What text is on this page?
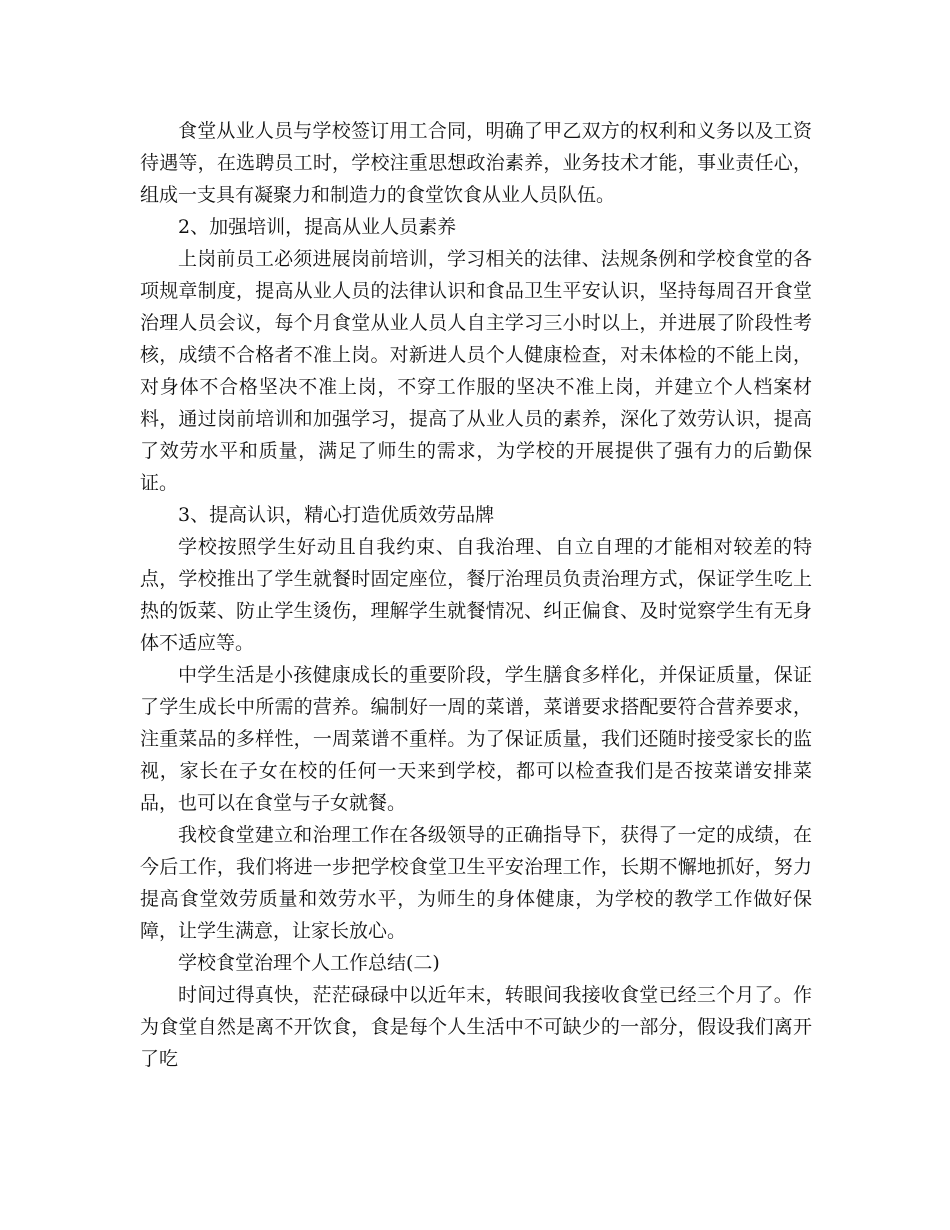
食堂从业人员与学校签订用工合同，明确了甲乙双方的权利和义务以及工资待遇等，在选聘员工时，学校注重思想政治素养，业务技术才能，事业责任心，组成一支具有凝聚力和制造力的食堂饮食从业人员队伍。

2、加强培训，提高从业人员素养

上岗前员工必须进展岗前培训，学习相关的法律、法规条例和学校食堂的各项规章制度，提高从业人员的法律认识和食品卫生平安认识，坚持每周召开食堂治理人员会议，每个月食堂从业人员人自主学习三小时以上，并进展了阶段性考核，成绩不合格者不准上岗。对新进人员个人健康检查，对未体检的不能上岗，对身体不合格坚决不准上岗，不穿工作服的坚决不准上岗，并建立个人档案材料，通过岗前培训和加强学习，提高了从业人员的素养，深化了效劳认识，提高了效劳水平和质量，满足了师生的需求，为学校的开展提供了强有力的后勤保证。

3、提高认识，精心打造优质效劳品牌

学校按照学生好动且自我约束、自我治理、自立自理的才能相对较差的特点，学校推出了学生就餐时固定座位，餐厅治理员负责治理方式，保证学生吃上热的饭菜、防止学生烫伤，理解学生就餐情况、纠正偏食、及时觉察学生有无身体不适应等。

中学生活是小孩健康成长的重要阶段，学生膳食多样化，并保证质量，保证了学生成长中所需的营养。编制好一周的菜谱，菜谱要求搭配要符合营养要求，注重菜品的多样性，一周菜谱不重样。为了保证质量，我们还随时接受家长的监视，家长在子女在校的任何一天来到学校，都可以检查我们是否按菜谱安排菜品，也可以在食堂与子女就餐。

我校食堂建立和治理工作在各级领导的正确指导下，获得了一定的成绩，在今后工作，我们将进一步把学校食堂卫生平安治理工作，长期不懈地抓好，努力提高食堂效劳质量和效劳水平，为师生的身体健康，为学校的教学工作做好保障，让学生满意，让家长放心。

学校食堂治理个人工作总结(二)

时间过得真快，茫茫碌碌中以近年末，转眼间我接收食堂已经三个月了。作为食堂自然是离不开饮食，食是每个人生活中不可缺少的一部分，假设我们离开了吃
